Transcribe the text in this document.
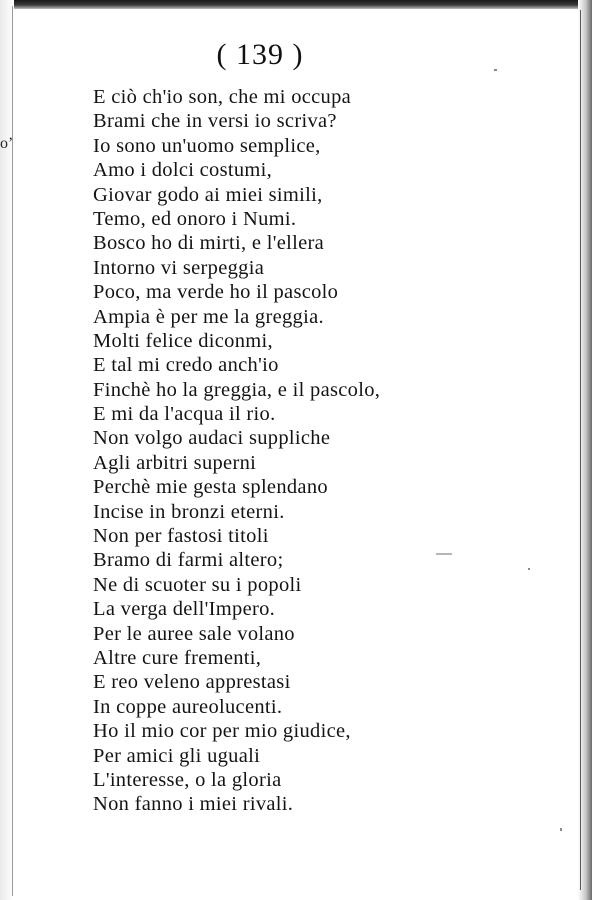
oʼ
( 139 )
E ciò ch'io son, che mi occupa
Brami che in versi io scriva?
Io sono un'uomo semplice,
Amo i dolci costumi,
Giovar godo ai miei simili,
Temo, ed onoro i Numi.
Bosco ho di mirti, e l'ellera
Intorno vi serpeggia
Poco, ma verde ho il pascolo
Ampia è per me la greggia.
Molti felice diconmi,
E tal mi credo anch'io
Finchè ho la greggia, e il pascolo,
E mi da l'acqua il rio.
Non volgo audaci suppliche
Agli arbitri superni
Perchè mie gesta splendano
Incise in bronzi eterni.
Non per fastosi titoli
Bramo di farmi altero;
Ne di scuoter su i popoli
La verga dell'Impero.
Per le auree sale volano
Altre cure frementi,
E reo veleno apprestasi
In coppe aureolucenti.
Ho il mio cor per mio giudice,
Per amici gli uguali
L'interesse, o la gloria
Non fanno i miei rivali.
